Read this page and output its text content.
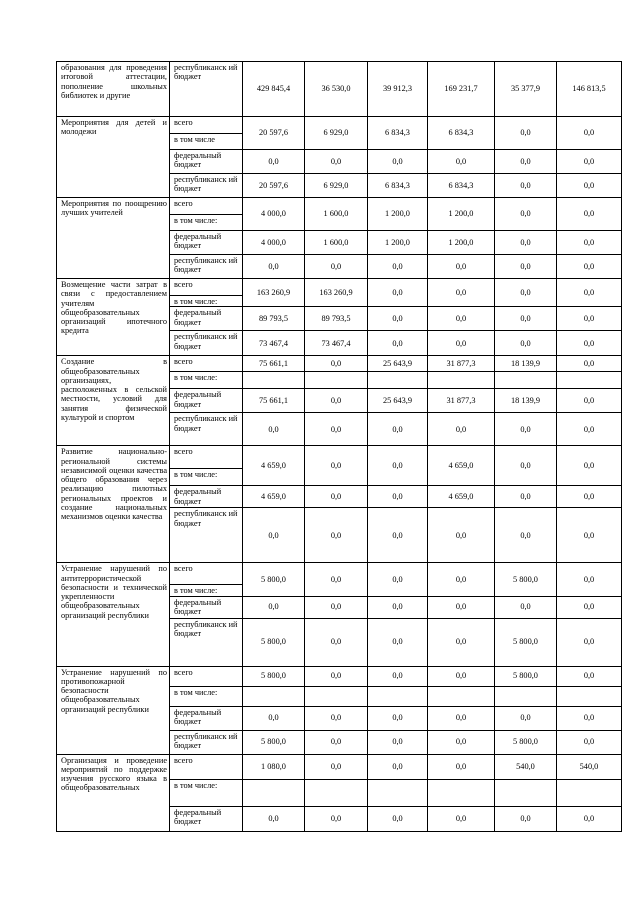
образования для проведения итоговой аттестации, пополнение школьных библиотек и другие	республиканск ий бюджет	429 845,4	36 530,0	39 912,3	169 231,7	35 377,9	146 813,5
Мероприятия для детей и молодежи	всего	20 597,6	6 929,0	6 834,3	6 834,3	0,0	0,0
	в том числе						
	федеральный бюджет	0,0	0,0	0,0	0,0	0,0	0,0
	республиканск ий бюджет	20 597,6	6 929,0	6 834,3	6 834,3	0,0	0,0
Мероприятия по поощрению лучших учителей	всего	4 000,0	1 600,0	1 200,0	1 200,0	0,0	0,0
	в том числе:						
	федеральный бюджет	4 000,0	1 600,0	1 200,0	1 200,0	0,0	0,0
	республиканск ий бюджет	0,0	0,0	0,0	0,0	0,0	0,0
Возмещение части затрат в связи с предоставлением учителям общеобразовательных организаций ипотечного кредита	всего	163 260,9	163 260,9	0,0	0,0	0,0	0,0
	в том числе:						
	федеральный бюджет	89 793,5	89 793,5	0,0	0,0	0,0	0,0
	республиканск ий бюджет	73 467,4	73 467,4	0,0	0,0	0,0	0,0
Создание в общеобразовательных организациях, расположенных в сельской местности, условий для занятия физической культурой и спортом	всего	75 661,1	0,0	25 643,9	31 877,3	18 139,9	0,0
	в том числе:						
	федеральный бюджет	75 661,1	0,0	25 643,9	31 877,3	18 139,9	0,0
	республиканск ий бюджет	0,0	0,0	0,0	0,0	0,0	0,0
Развитие национально-региональной системы независимой оценки качества общего образования через реализацию пилотных региональных проектов и создание национальных механизмов оценки качества	всего	4 659,0	0,0	0,0	4 659,0	0,0	0,0
	в том числе:						
	федеральный бюджет	4 659,0	0,0	0,0	4 659,0	0,0	0,0
	республиканск ий бюджет	0,0	0,0	0,0	0,0	0,0	0,0
Устранение нарушений по антитеррористической безопасности и технической укрепленности общеобразовательных организаций республики	всего	5 800,0	0,0	0,0	0,0	5 800,0	0,0
	в том числе:						
	федеральный бюджет	0,0	0,0	0,0	0,0	0,0	0,0
	республиканск ий бюджет	5 800,0	0,0	0,0	0,0	5 800,0	0,0
Устранение нарушений по противопожарной безопасности общеобразовательных организаций республики	всего	5 800,0	0,0	0,0	0,0	5 800,0	0,0
	в том числе:						
	федеральный бюджет	0,0	0,0	0,0	0,0	0,0	0,0
	республиканск ий бюджет	5 800,0	0,0	0,0	0,0	5 800,0	0,0
Организация и проведение мероприятий по поддержке изучения русского языка в общеобразовательных	всего	1 080,0	0,0	0,0	0,0	540,0	540,0
	в том числе:						
	федеральный бюджет	0,0	0,0	0,0	0,0	0,0	0,0
